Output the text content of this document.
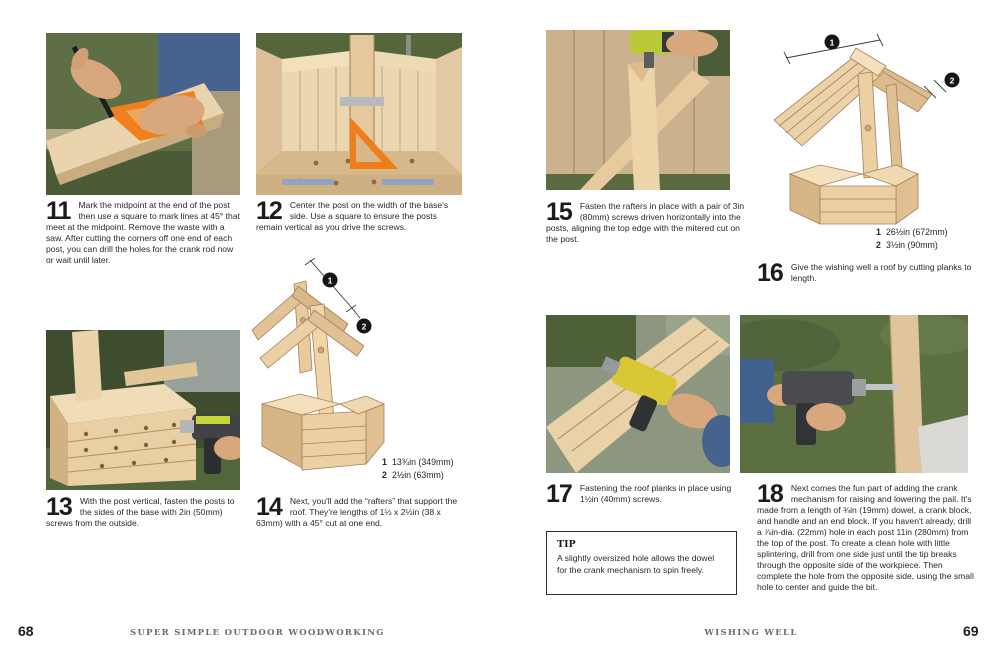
11 Mark the midpoint at the end of the post then use a square to mark lines at 45° that meet at the midpoint. Remove the waste with a saw. After cutting the corners off one end of each post, you can drill the holes for the crank rod now or wait until later.

12 Center the post on the width of the base's side. Use a square to ensure the posts remain vertical as you drive the screws.

1
2
1 13¾in (349mm)
2 2½in (63mm)
13 With the post vertical, fasten the posts to the sides of the base with 2in (50mm) screws from the outside.

14 Next, you'll add the “rafters” that support the roof. They're lengths of 1½ x 2½in (38 x 63mm) with a 45° cut at one end.

1
2
15 Fasten the rafters in place with a pair of 3in (80mm) screws driven horizontally into the posts, aligning the top edge with the mitered cut on the post.

1 26½in (672mm)
2 3½in (90mm)
16 Give the wishing well a roof by cutting planks to length.

17 Fastening the roof planks in place using 1½in (40mm) screws.

TIP

A slightly oversized hole allows the dowel for the crank mechanism to spin freely.

18 Next comes the fun part of adding the crank mechanism for raising and lowering the pail. It's made from a length of ¾in (19mm) dowel, a crank block, and handle and an end block. If you haven't already, drill a ⅞in-dia. (22mm) hole in each post 11in (280mm) from the top of the post. To create a clean hole with little splintering, drill from one side just until the tip breaks through the opposite side of the workpiece. Then complete the hole from the opposite side, using the small hole to center and guide the bit.

68	SUPER SIMPLE OUTDOOR WOODWORKING	WISHING WELL	69
